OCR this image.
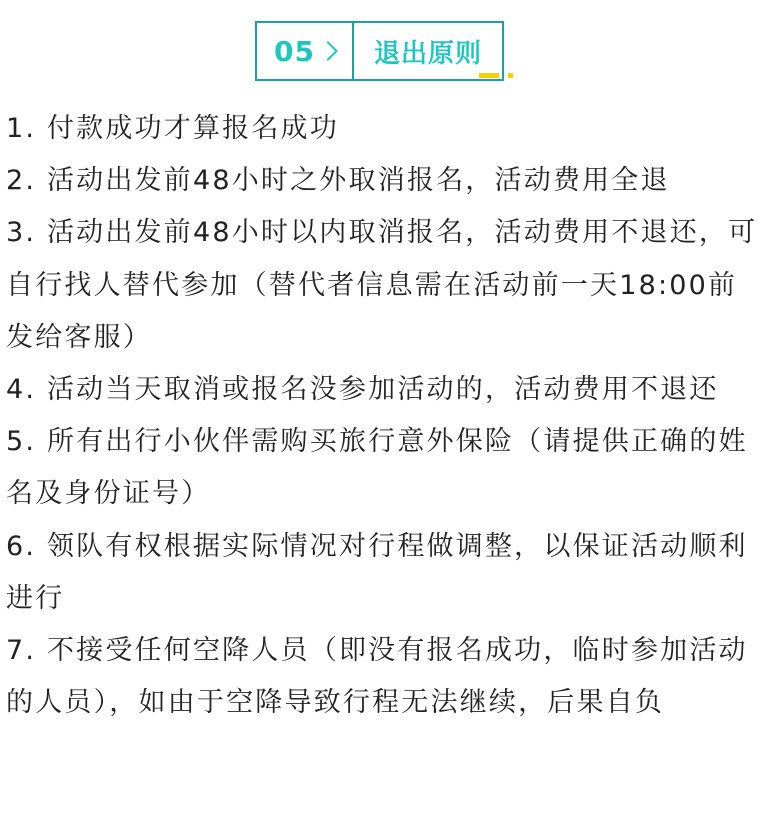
05	退出原则

1. 付款成功才算报名成功

2. 活动出发前48小时之外取消报名，活动费用全退

3. 活动出发前48小时以内取消报名，活动费用不退还，可自行找人替代参加（替代者信息需在活动前一天18:00前发给客服）

4. 活动当天取消或报名没参加活动的，活动费用不退还

5. 所有出行小伙伴需购买旅行意外保险（请提供正确的姓名及身份证号）

6. 领队有权根据实际情况对行程做调整，以保证活动顺利进行

7. 不接受任何空降人员（即没有报名成功，临时参加活动的人员），如由于空降导致行程无法继续，后果自负
